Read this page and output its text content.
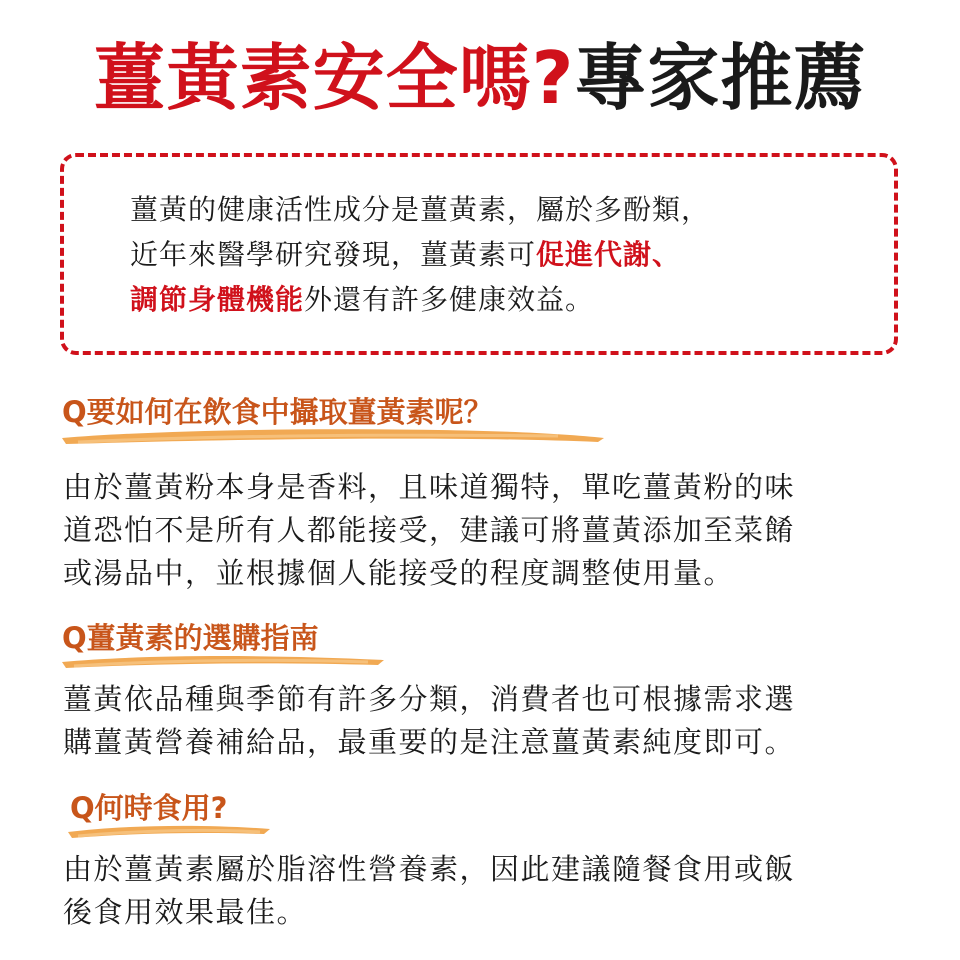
薑黃素安全嗎?專家推薦
薑黃的健康活性成分是薑黃素，屬於多酚類，
近年來醫學研究發現，薑黃素可促進代謝、
調節身體機能外還有許多健康效益。
Q要如何在飲食中攝取薑黃素呢？
由於薑黃粉本身是香料，且味道獨特，單吃薑黃粉的味
道恐怕不是所有人都能接受，建議可將薑黃添加至菜餚
或湯品中，並根據個人能接受的程度調整使用量。
Q薑黃素的選購指南
薑黃依品種與季節有許多分類，消費者也可根據需求選
購薑黃營養補給品，最重要的是注意薑黃素純度即可。
Q何時食用?
由於薑黃素屬於脂溶性營養素，因此建議隨餐食用或飯
後食用效果最佳。
